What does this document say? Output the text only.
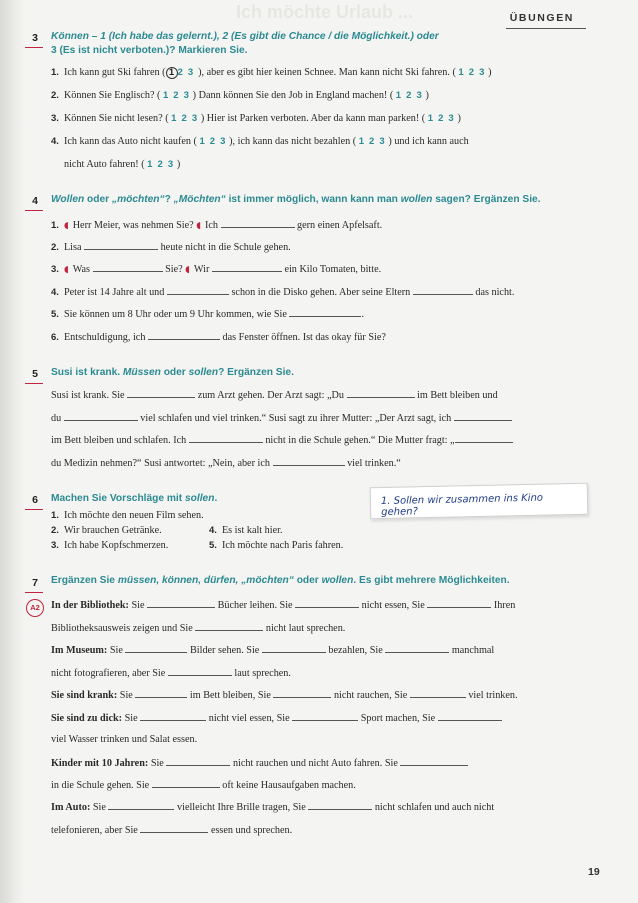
Ich möchte Urlaub ...	ÜBUNGEN
3	Können – 1 (Ich habe das gelernt.), 2 (Es gibt die Chance / die Möglichkeit.) oder
3 (Es ist nicht verboten.)? Markieren Sie.
1. Ich kann gut Ski fahren ( 1 2 3 ), aber es gibt hier keinen Schnee. Man kann nicht Ski fahren. ( 1 2 3 )
2. Können Sie Englisch? ( 1 2 3 ) Dann können Sie den Job in England machen! ( 1 2 3 )
3. Können Sie nicht lesen? ( 1 2 3 ) Hier ist Parken verboten. Aber da kann man parken! ( 1 2 3 )
4. Ich kann das Auto nicht kaufen ( 1 2 3 ), ich kann das nicht bezahlen ( 1 2 3 ) und ich kann auch
nicht Auto fahren! ( 1 2 3 )
4	Wollen oder „möchten“? „Möchten“ ist immer möglich, wann kann man wollen sagen? Ergänzen Sie.
1. ◖ Herr Meier, was nehmen Sie? ◖ Ich	gern einen Apfelsaft.
2. Lisa	heute nicht in die Schule gehen.
3. ◖ Was	Sie? ◖ Wir	ein Kilo Tomaten, bitte.
4. Peter ist 14 Jahre alt und	schon in die Disko gehen. Aber seine Eltern	das nicht.
5. Sie können um 8 Uhr oder um 9 Uhr kommen, wie Sie	.
6. Entschuldigung, ich	das Fenster öffnen. Ist das okay für Sie?
5	Susi ist krank. Müssen oder sollen? Ergänzen Sie.
Susi ist krank. Sie	zum Arzt gehen. Der Arzt sagt: „Du	im Bett bleiben und
du	viel schlafen und viel trinken.“ Susi sagt zu ihrer Mutter: „Der Arzt sagt, ich
im Bett bleiben und schlafen. Ich	nicht in die Schule gehen.“ Die Mutter fragt: „
du Medizin nehmen?“ Susi antwortet: „Nein, aber ich	viel trinken.“
6	Machen Sie Vorschläge mit sollen.	1. Sollen wir zusammen ins Kino gehen?
1. Ich möchte den neuen Film sehen.
2. Wir brauchen Getränke.
3. Ich habe Kopfschmerzen.
4. Es ist kalt hier.
5. Ich möchte nach Paris fahren.
7
A2
Ergänzen Sie müssen, können, dürfen, „möchten“ oder wollen. Es gibt mehrere Möglichkeiten.
In der Bibliothek: Sie	Bücher leihen. Sie	nicht essen, Sie	Ihren
Bibliotheksausweis zeigen und Sie	nicht laut sprechen.
Im Museum: Sie	Bilder sehen. Sie	bezahlen, Sie	manchmal
nicht fotografieren, aber Sie	laut sprechen.
Sie sind krank: Sie	im Bett bleiben, Sie	nicht rauchen, Sie	viel trinken.
Sie sind zu dick: Sie	nicht viel essen, Sie	Sport machen, Sie
viel Wasser trinken und Salat essen.
Kinder mit 10 Jahren: Sie	nicht rauchen und nicht Auto fahren. Sie
in die Schule gehen. Sie	oft keine Hausaufgaben machen.
Im Auto: Sie	vielleicht Ihre Brille tragen, Sie	nicht schlafen und auch nicht
telefonieren, aber Sie	essen und sprechen.
19
